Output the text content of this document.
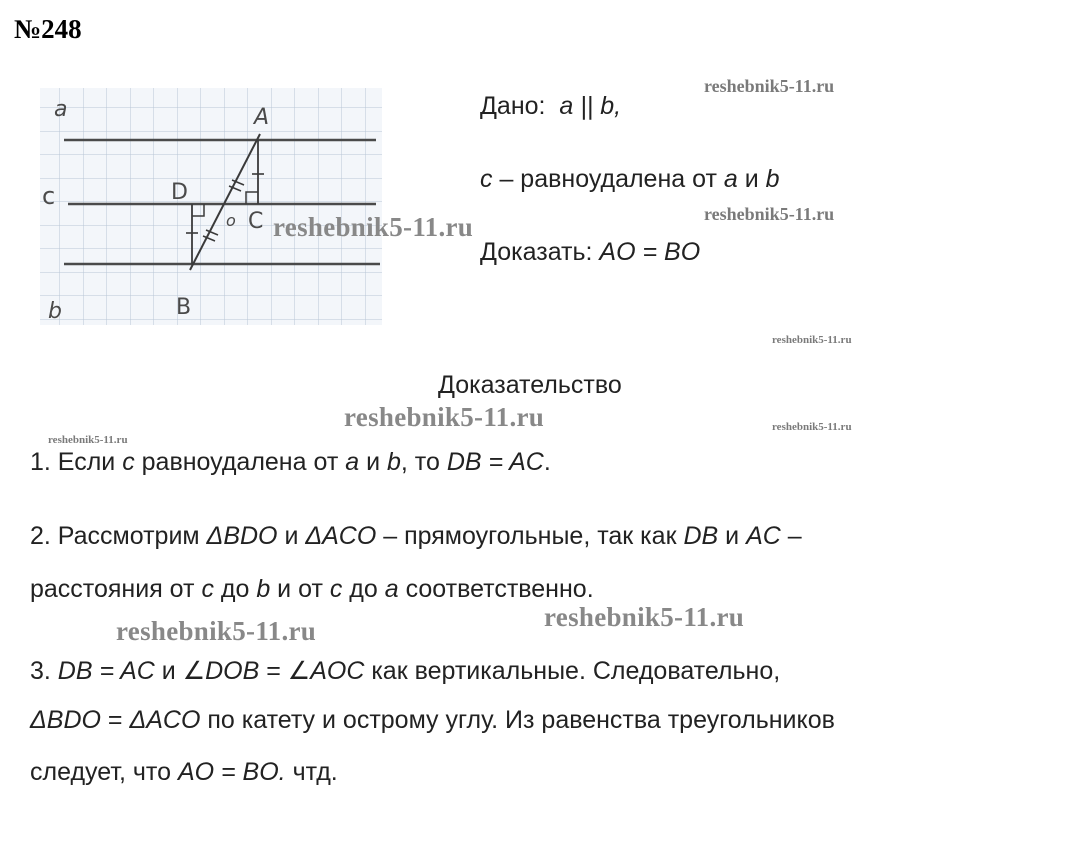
№248
a	A
c	D
o C
b	B
reshebnik5-11.ru
reshebnik5-11.ru
reshebnik5-11.ru
reshebnik5-11.ru
reshebnik5-11.ru	reshebnik5-11.ru
reshebnik5-11.ru
reshebnik5-11.ru
reshebnik5-11.ru
Дано: a || b,
c – равноудалена от a и b
Доказать: AO = BO
Доказательство
1. Если c равноудалена от a и b, то DB = AC.
2. Рассмотрим ΔBDO и ΔACO – прямоугольные, так как DB и AC –
расстояния от c до b и от c до a соответственно.
3. DB = AC и ∠DOB = ∠AOC как вертикальные. Следовательно,
ΔBDO = ΔACO по катету и острому углу. Из равенства треугольников
следует, что AO = BO. чтд.
